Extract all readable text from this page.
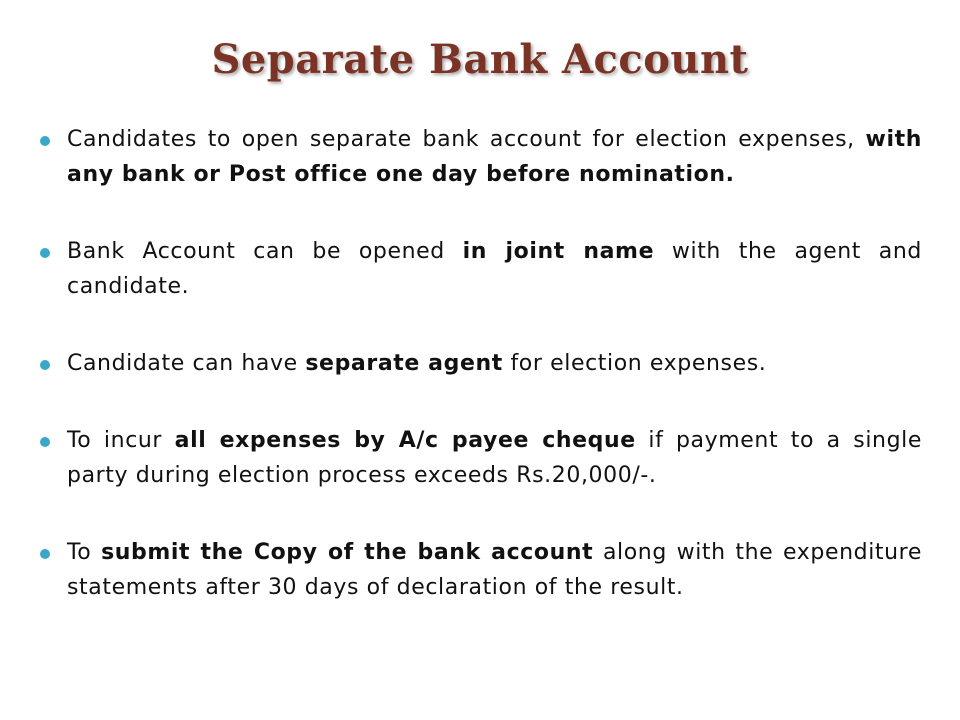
Separate Bank Account
Candidates to open separate bank account for election expenses, with any bank or Post office one day before nomination.
Bank Account can be opened in joint name with the agent and candidate.
Candidate can have separate agent for election expenses.
To incur all expenses by A/c payee cheque if payment to a single party during election process exceeds Rs.20,000/-.
To submit the Copy of the bank account along with the expenditure statements after 30 days of declaration of the result.
